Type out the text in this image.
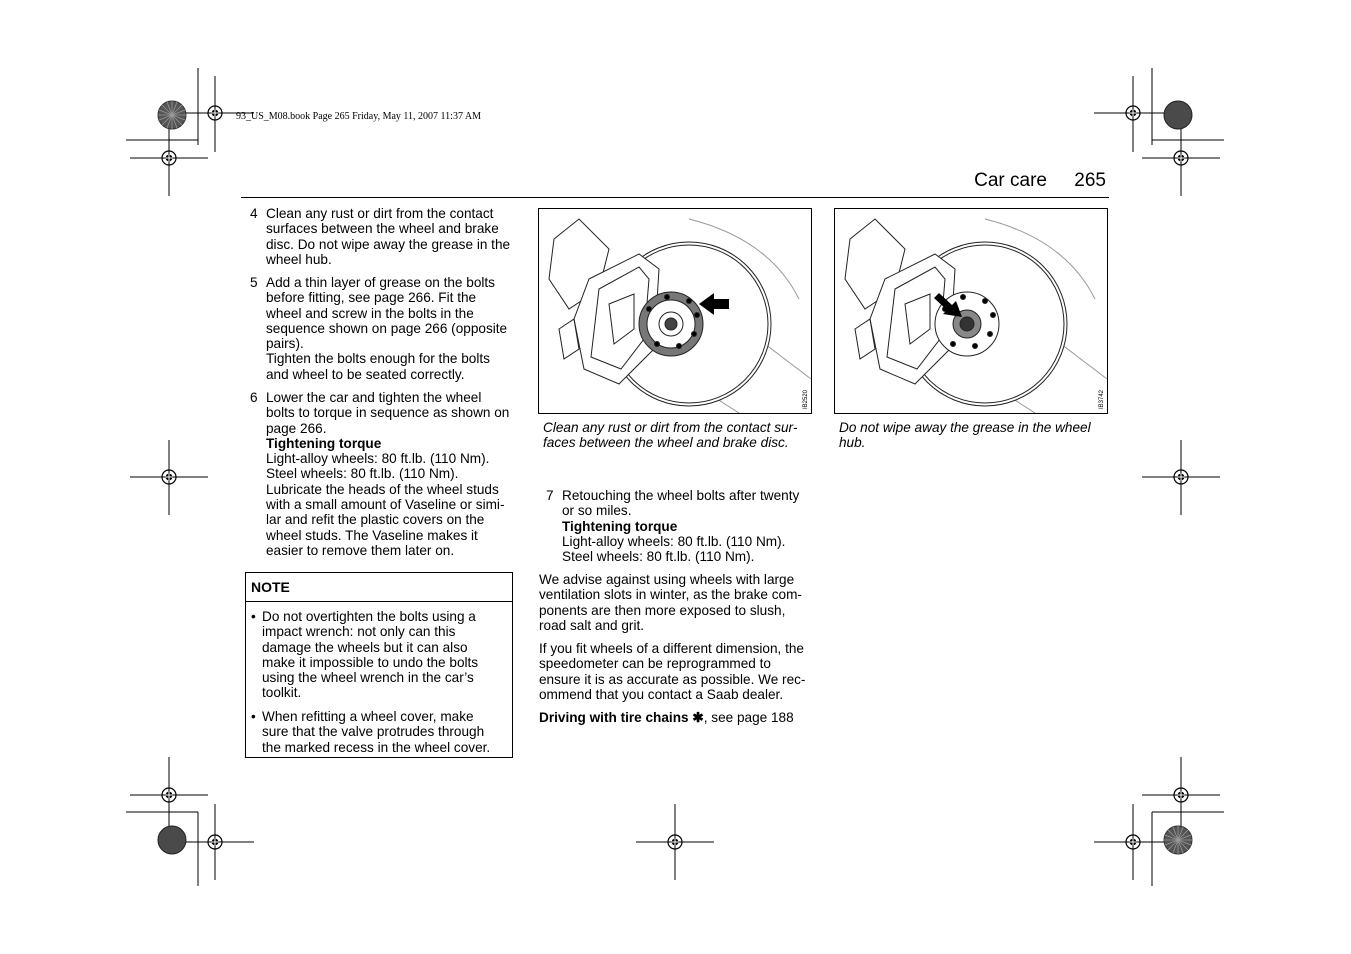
93_US_M08.book Page 265 Friday, May 11, 2007 11:37 AM
Car care 265
4 Clean any rust or dirt from the contact
surfaces between the wheel and brake
disc. Do not wipe away the grease in the
wheel hub.
5 Add a thin layer of grease on the bolts
before fitting, see page 266. Fit the
wheel and screw in the bolts in the
sequence shown on page 266 (opposite
pairs).
Tighten the bolts enough for the bolts
and wheel to be seated correctly.
6 Lower the car and tighten the wheel
bolts to torque in sequence as shown on
page 266.
Tightening torque
Light-alloy wheels: 80 ft.lb. (110 Nm).
Steel wheels: 80 ft.lb. (110 Nm).
Lubricate the heads of the wheel studs
with a small amount of Vaseline or simi-
lar and refit the plastic covers on the
wheel studs. The Vaseline makes it
easier to remove them later on.
NOTE
• Do not overtighten the bolts using a
impact wrench: not only can this
damage the wheels but it can also
make it impossible to undo the bolts
using the wheel wrench in the car’s
toolkit.
• When refitting a wheel cover, make
sure that the valve protrudes through
the marked recess in the wheel cover.
IB2520
Clean any rust or dirt from the contact sur-
faces between the wheel and brake disc.
7 Retouching the wheel bolts after twenty
or so miles.
Tightening torque
Light-alloy wheels: 80 ft.lb. (110 Nm).
Steel wheels: 80 ft.lb. (110 Nm).
We advise against using wheels with large
ventilation slots in winter, as the brake com-
ponents are then more exposed to slush,
road salt and grit.
If you fit wheels of a different dimension, the
speedometer can be reprogrammed to
ensure it is as accurate as possible. We rec-
ommend that you contact a Saab dealer.
Driving with tire chains ✱, see page 188
IB3742
Do not wipe away the grease in the wheel
hub.
